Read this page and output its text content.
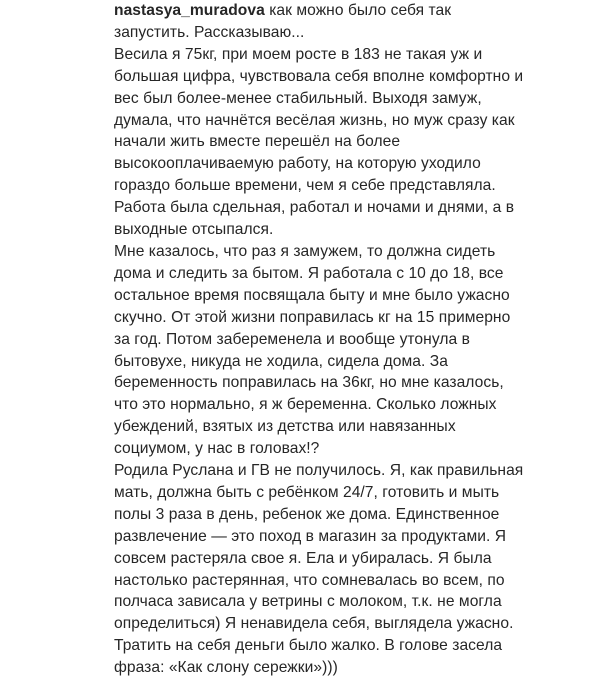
nastasya_muradova как можно было себя так
запустить. Рассказываю...
Весила я 75кг, при моем росте в 183 не такая уж и
большая цифра, чувствовала себя вполне комфортно и
вес был более-менее стабильный. Выходя замуж,
думала, что начнётся весёлая жизнь, но муж сразу как
начали жить вместе перешёл на более
высокооплачиваемую работу, на которую уходило
гораздо больше времени, чем я себе представляла.
Работа была сдельная, работал и ночами и днями, а в
выходные отсыпался.
Мне казалось, что раз я замужем, то должна сидеть
дома и следить за бытом. Я работала с 10 до 18, все
остальное время посвящала быту и мне было ужасно
скучно. От этой жизни поправилась кг на 15 примерно
за год. Потом забеременела и вообще утонула в
бытовухе, никуда не ходила, сидела дома. За
беременность поправилась на 36кг, но мне казалось,
что это нормально, я ж беременна. Сколько ложных
убеждений, взятых из детства или навязанных
социумом, у нас в головах!?
Родила Руслана и ГВ не получилось. Я, как правильная
мать, должна быть с ребёнком 24/7, готовить и мыть
полы 3 раза в день, ребенок же дома. Единственное
развлечение — это поход в магазин за продуктами. Я
совсем растеряла свое я. Ела и убиралась. Я была
настолько растерянная, что сомневалась во всем, по
полчаса зависала у ветрины с молоком, т.к. не могла
определиться) Я ненавидела себя, выглядела ужасно.
Тратить на себя деньги было жалко. В голове засела
фраза: «Как слону сережки»)))
